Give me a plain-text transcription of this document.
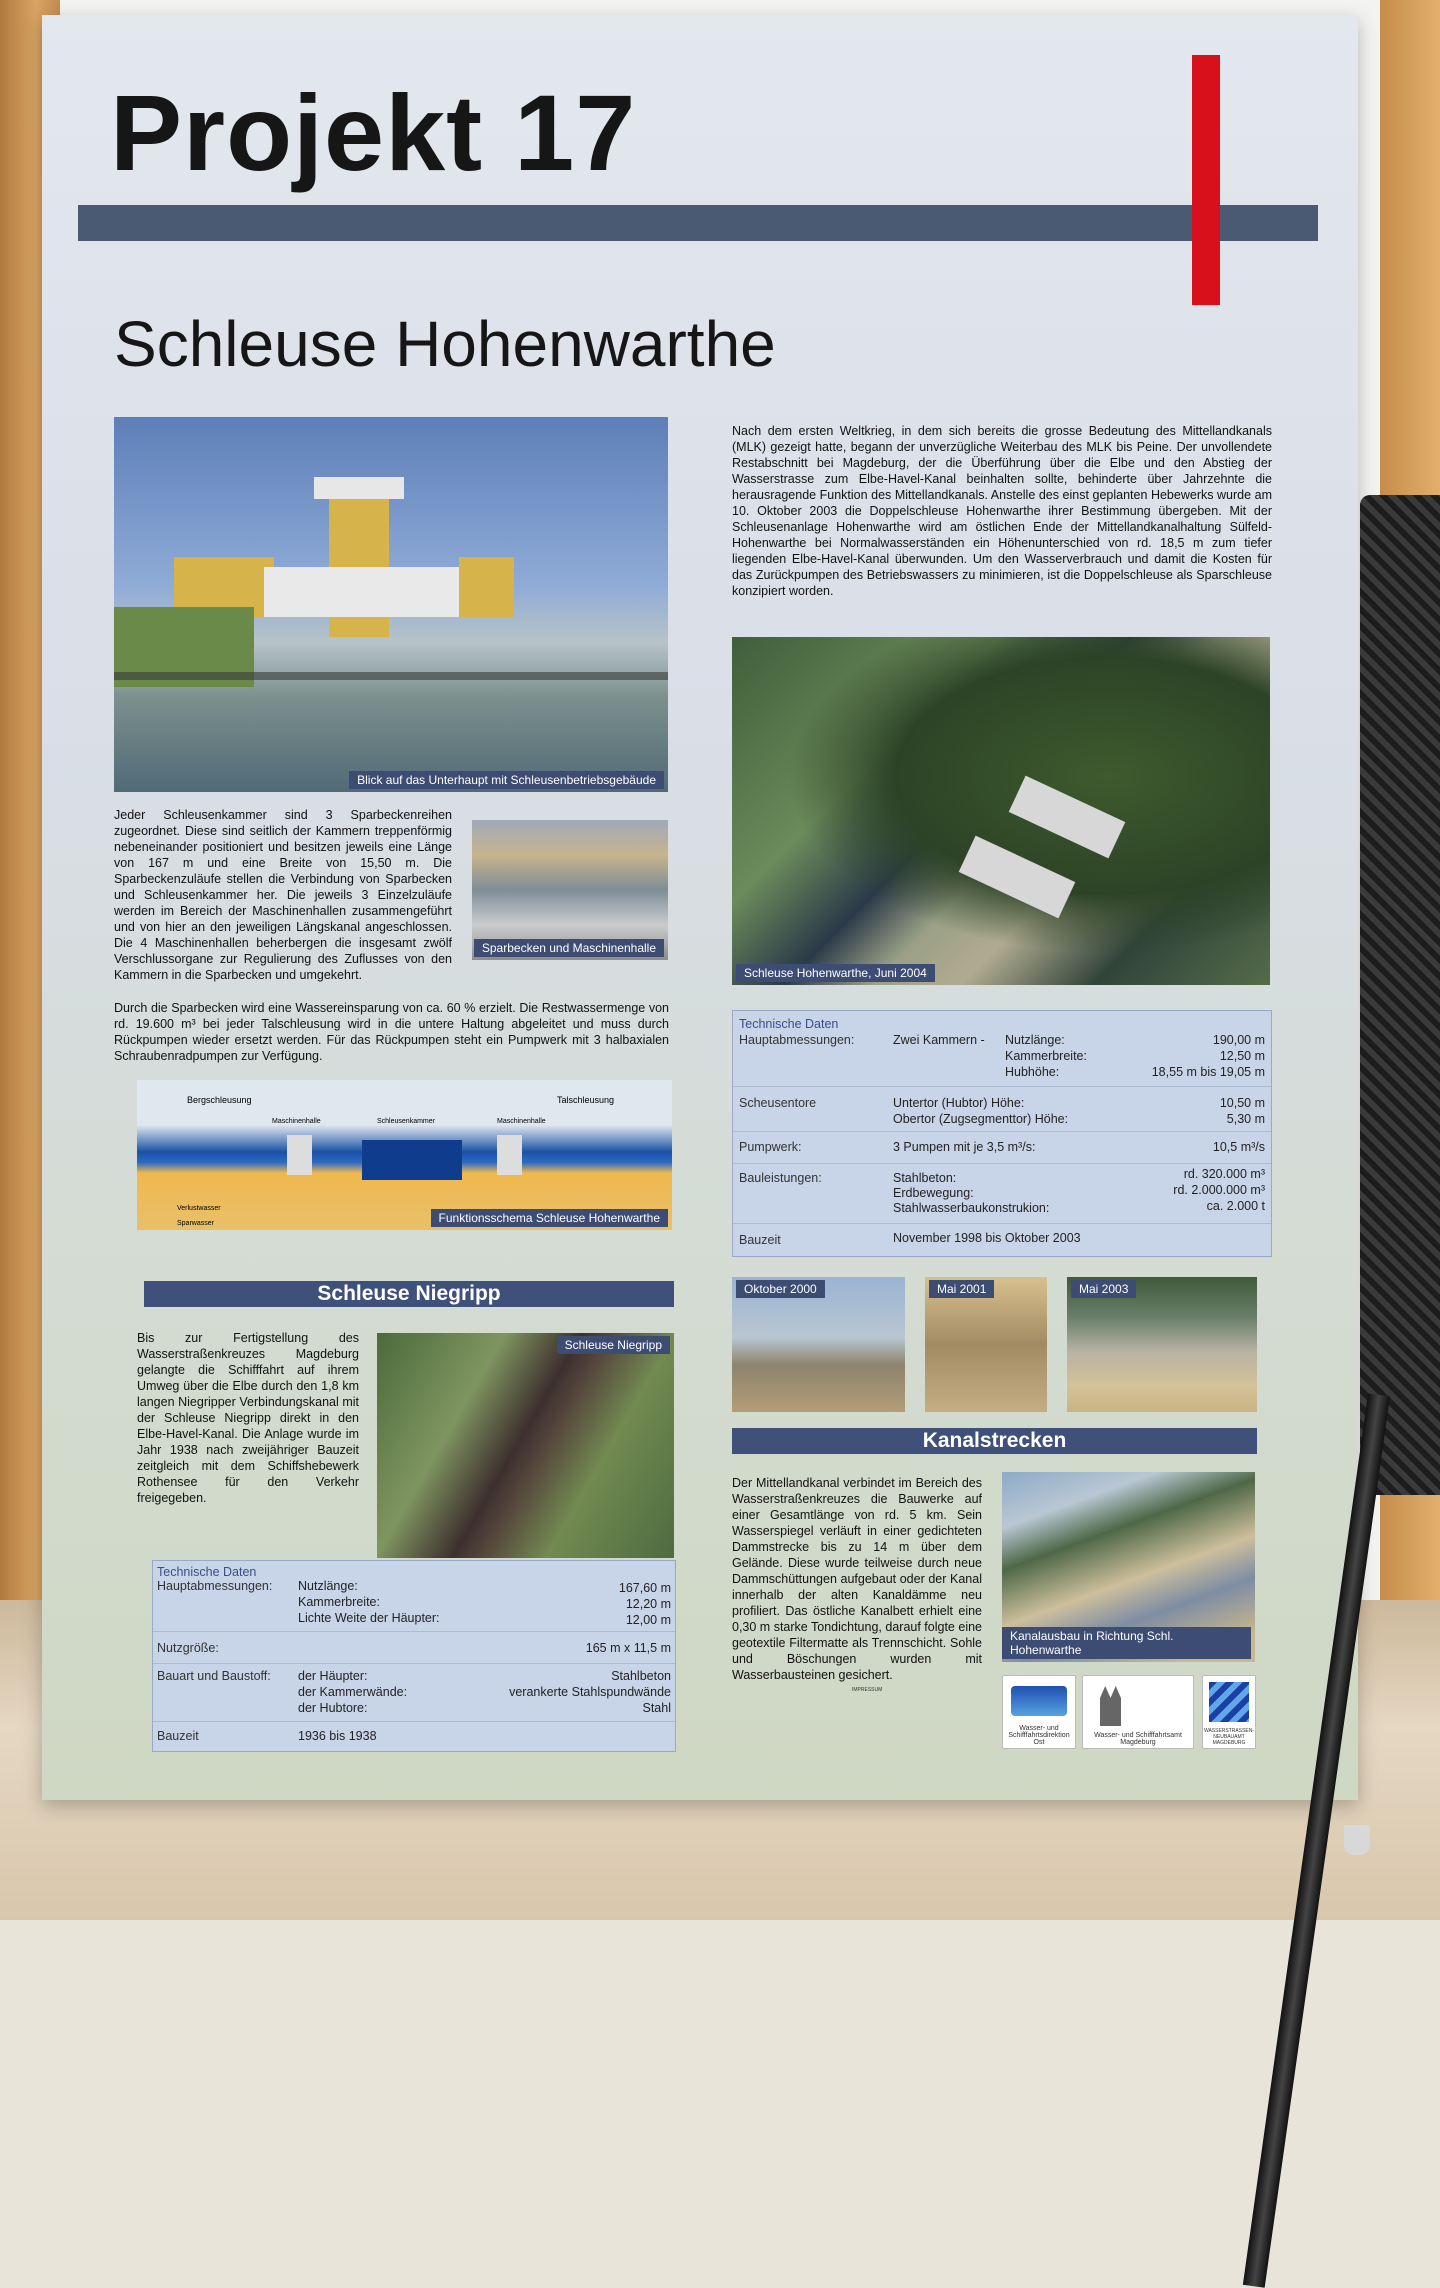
Projekt 17
Schleuse Hohenwarthe
Blick auf das Unterhaupt mit Schleusenbetriebsgebäude

Nach dem ersten Weltkrieg, in dem sich bereits die grosse Bedeutung des Mittellandkanals (MLK) gezeigt hatte, begann der unverzügliche Weiterbau des MLK bis Peine. Der unvollendete Restabschnitt bei Magdeburg, der die Überführung über die Elbe und den Abstieg der Wasserstrasse zum Elbe-Havel-Kanal beinhalten sollte, behinderte über Jahrzehnte die herausragende Funktion des Mittellandkanals. Anstelle des einst geplanten Hebewerks wurde am 10. Oktober 2003 die Doppelschleuse Hohenwarthe ihrer Bestimmung übergeben. Mit der Schleusenanlage Hohenwarthe wird am östlichen Ende der Mittellandkanalhaltung Sülfeld-Hohenwarthe bei Normalwasserständen ein Höhenunterschied von rd. 18,5 m zum tiefer liegenden Elbe-Havel-Kanal überwunden. Um den Wasserverbrauch und damit die Kosten für das Zurückpumpen des Betriebswassers zu minimieren, ist die Doppelschleuse als Sparschleuse konzipiert worden.

Jeder Schleusenkammer sind 3 Sparbeckenreihen zugeordnet. Diese sind seitlich der Kammern treppenförmig nebeneinander positioniert und besitzen jeweils eine Länge von 167 m und eine Breite von 15,50 m. Die Sparbeckenzuläufe stellen die Verbindung von Sparbecken und Schleusenkammer her. Die jeweils 3 Einzelzuläufe werden im Bereich der Maschinenhallen zusammengeführt und von hier an den jeweiligen Längskanal angeschlossen. Die 4 Maschinenhallen beherbergen die insgesamt zwölf Verschlussorgane zur Regulierung des Zuflusses von den Kammern in die Sparbecken und umgekehrt.

Sparbecken und Maschinenhalle

Durch die Sparbecken wird eine Wassereinsparung von ca. 60 % erzielt. Die Restwassermenge von rd. 19.600 m³ bei jeder Talschleusung wird in die untere Haltung abgeleitet und muss durch Rückpumpen wieder ersetzt werden. Für das Rückpumpen steht ein Pumpwerk mit 3 halbaxialen Schraubenradpumpen zur Verfügung.

Schleuse Hohenwarthe, Juni 2004
Technische Daten
Hauptabmessungen:	Zwei Kammern - Nutzlänge:	190,00 m
Kammerbreite:	12,50 m
Hubhöhe:	18,55 m bis 19,05 m
Scheusentore	Untertor (Hubtor) Höhe:	10,50 m
Obertor (Zugsegmenttor) Höhe:	5,30 m
Pumpwerk:	3 Pumpen mit je 3,5 m³/s:	10,5 m³/s
Bauleistungen:	Stahlbeton:	rd. 320.000 m³
Erdbewegung:	rd. 2.000.000 m³
Stahlwasserbaukonstrukion:	ca. 2.000 t
Bauzeit	November 1998 bis Oktober 2003
Bergschleusung	Talschleusung
Maschinenhalle	Schleusenkammer	Maschinenhalle
Verlustwasser
Sparwasser	Funktionsschema Schleuse Hohenwarthe
Oktober 2000	Mai 2001	Mai 2003
Schleuse Niegripp

Bis zur Fertigstellung des Wasserstraßenkreuzes Magdeburg gelangte die Schifffahrt auf ihrem Umweg über die Elbe durch den 1,8 km langen Niegripper Verbindungskanal mit der Schleuse Niegripp direkt in den Elbe-Havel-Kanal. Die Anlage wurde im Jahr 1938 nach zweijähriger Bauzeit zeitgleich mit dem Schiffshebewerk Rothensee für den Verkehr freigegeben.

Schleuse Niegripp
Technische Daten
Hauptabmessungen: Nutzlänge:	167,60 m
Kammerbreite:	12,20 m
Lichte Weite der Häupter:	12,00 m
Nutzgröße:	165 m x 11,5 m
Bauart und Baustoff: der Häupter:	Stahlbeton
der Kammerwände:	verankerte Stahlspundwände
der Hubtore:	Stahl
Bauzeit	1936 bis 1938
Kanalstrecken

Der Mittellandkanal verbindet im Bereich des Wasserstraßenkreuzes die Bauwerke auf einer Gesamtlänge von rd. 5 km. Sein Wasserspiegel verläuft in einer gedichteten Dammstrecke bis zu 14 m über dem Gelände. Diese wurde teilweise durch neue Dammschüttungen aufgebaut oder der Kanal innerhalb der alten Kanaldämme neu profiliert. Das östliche Kanalbett erhielt eine 0,30 m starke Tondichtung, darauf folgte eine geotextile Filtermatte als Trennschicht. Sohle und Böschungen wurden mit Wasserbausteinen gesichert.

Kanalausbau in Richtung Schl. Hohenwarthe
IMPRESSUM
Wasser- und Schifffahrtsdirektion Ost
Wasser- und Schifffahrtsamt Magdeburg
WASSERSTRASSEN-NEUBAUAMT MAGDEBURG
